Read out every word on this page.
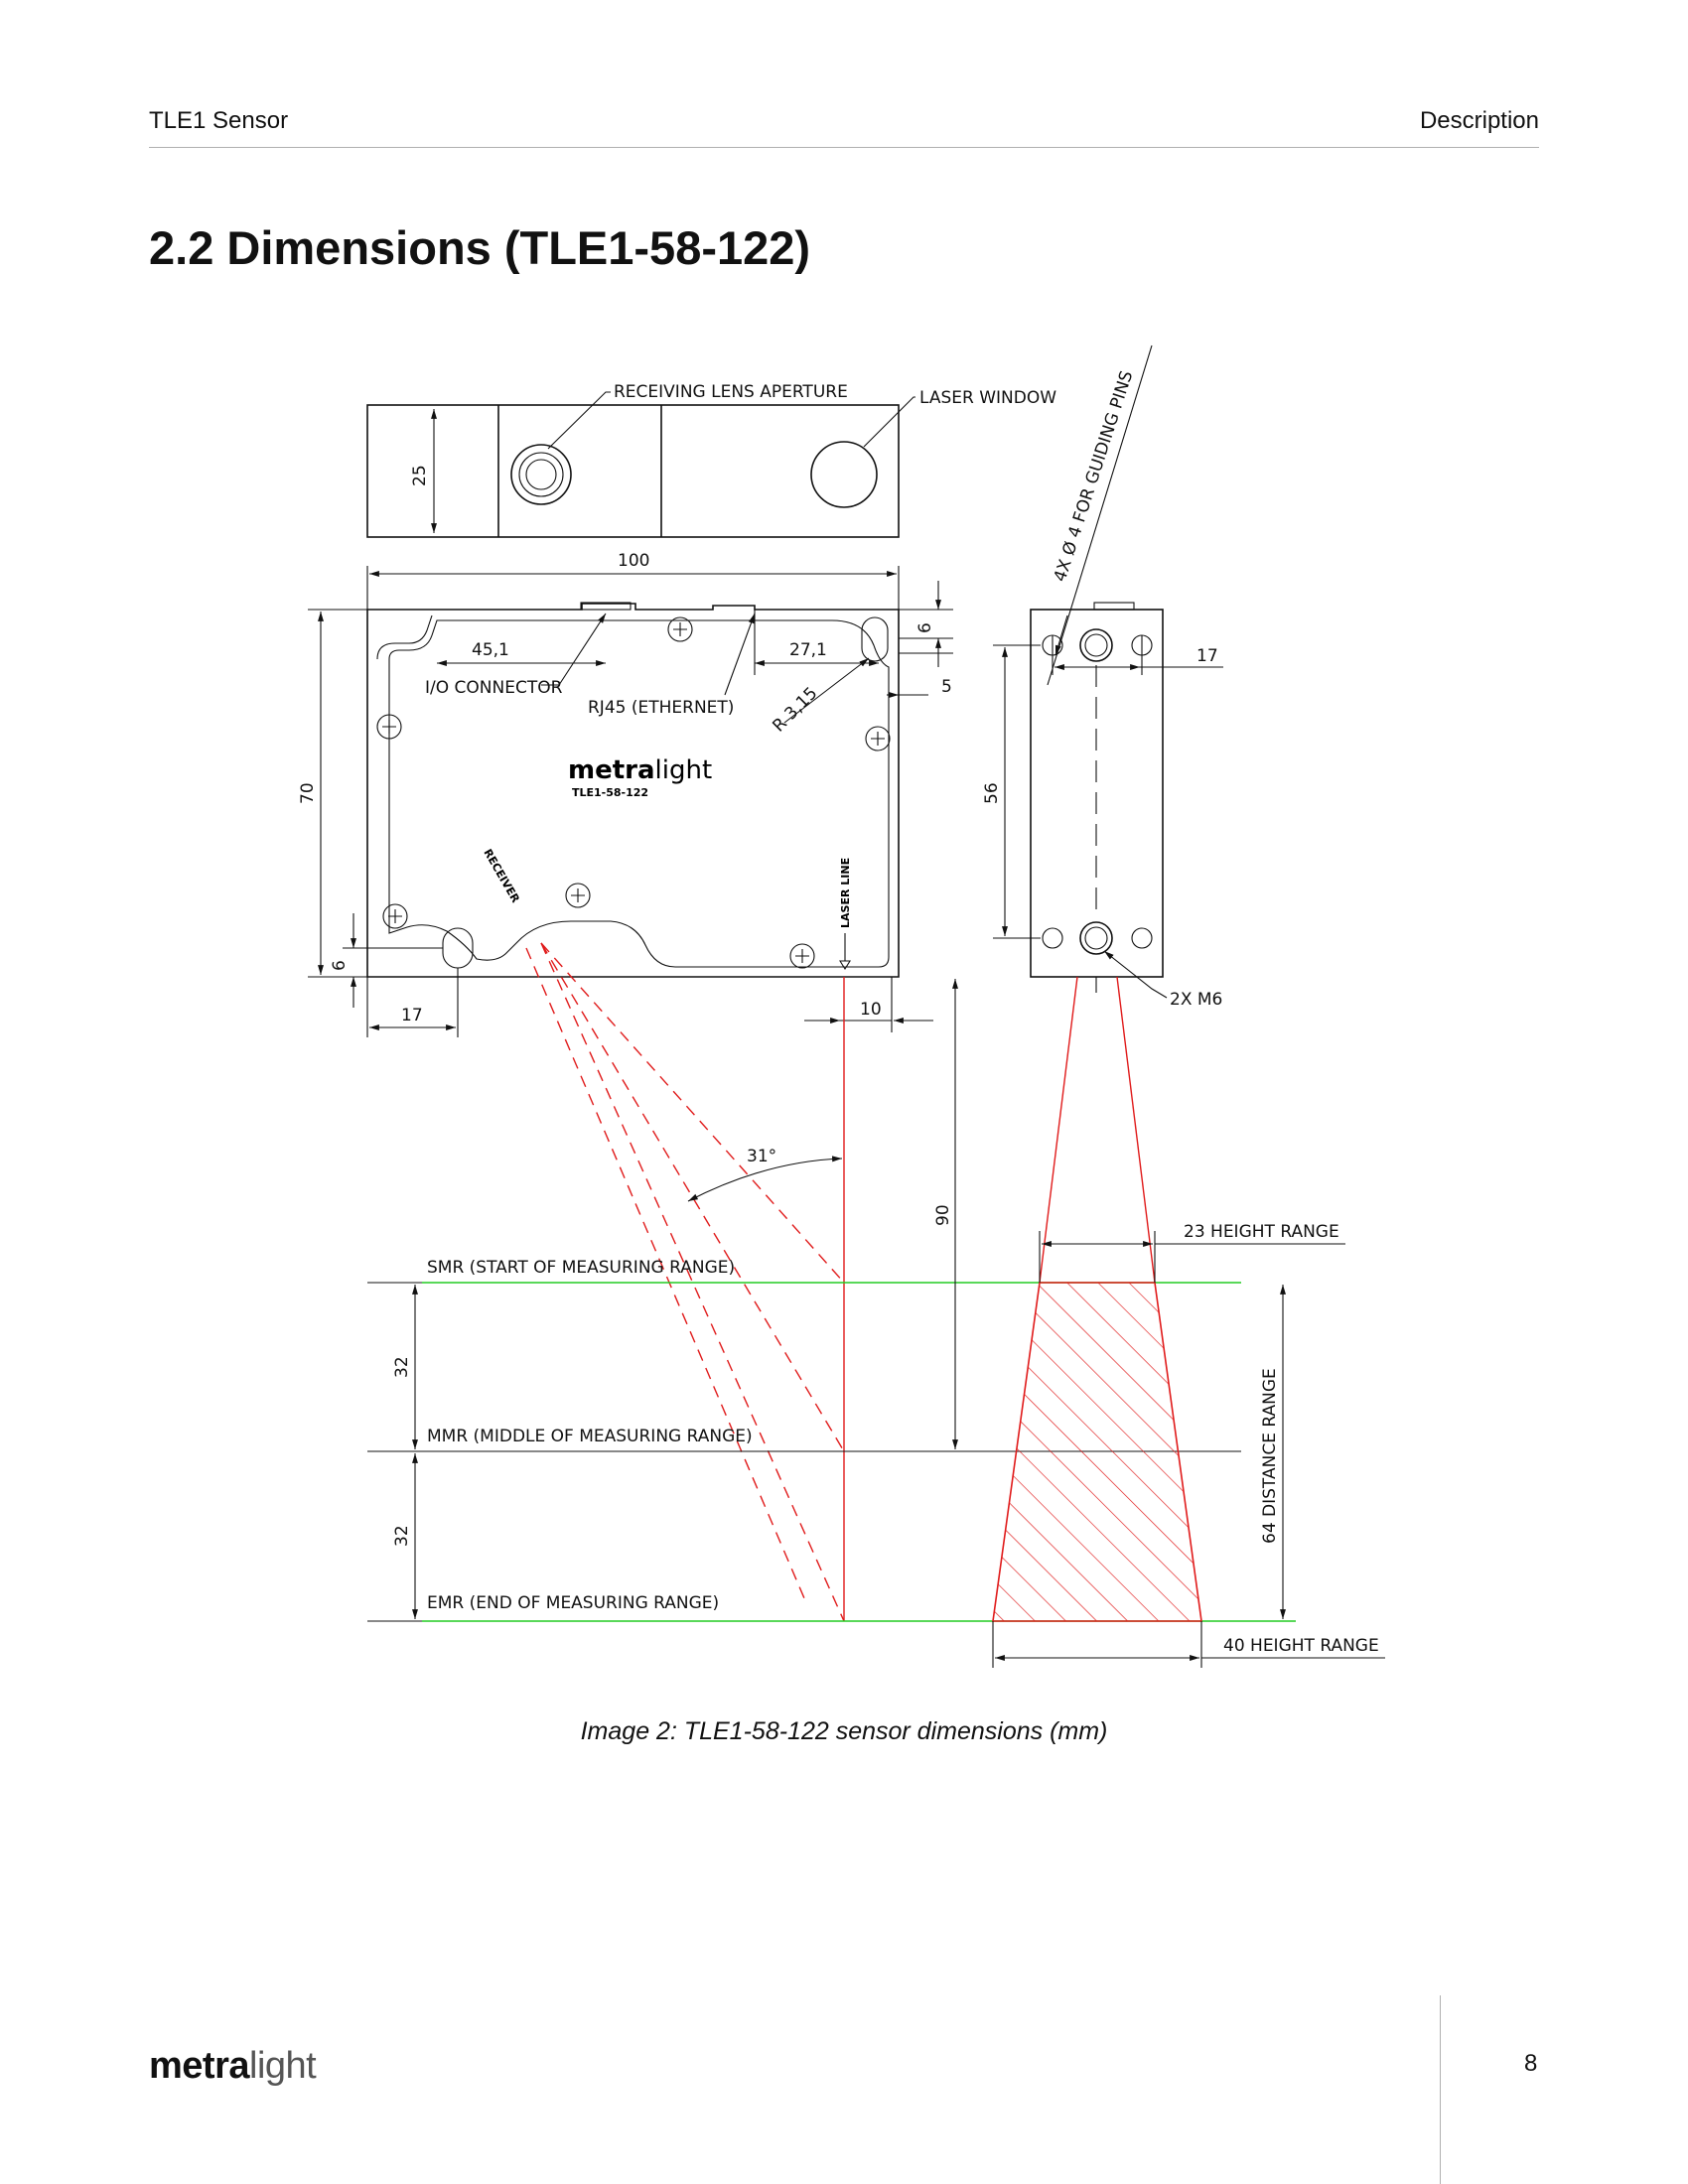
TLE1 Sensor	Description
2.2 Dimensions (TLE1-58-122)
25
RECEIVING LENS APERTURE	LASER WINDOW
100
45,1	27,1
I/O CONNECTOR
RJ45 (ETHERNET) R 3,15
6
5
metralight
TLE1-58-122
RECEIVER	LASER LINE
70
6
17	10
56
17
4X Ø 4 FOR GUIDING PINS
2X M6
31°
SMR (START OF MEASURING RANGE)
MMR (MIDDLE OF MEASURING RANGE)
EMR (END OF MEASURING RANGE)
32
32
90
23 HEIGHT RANGE
40 HEIGHT RANGE
64 DISTANCE RANGE
Image 2: TLE1-58-122 sensor dimensions (mm)
metralight	8
